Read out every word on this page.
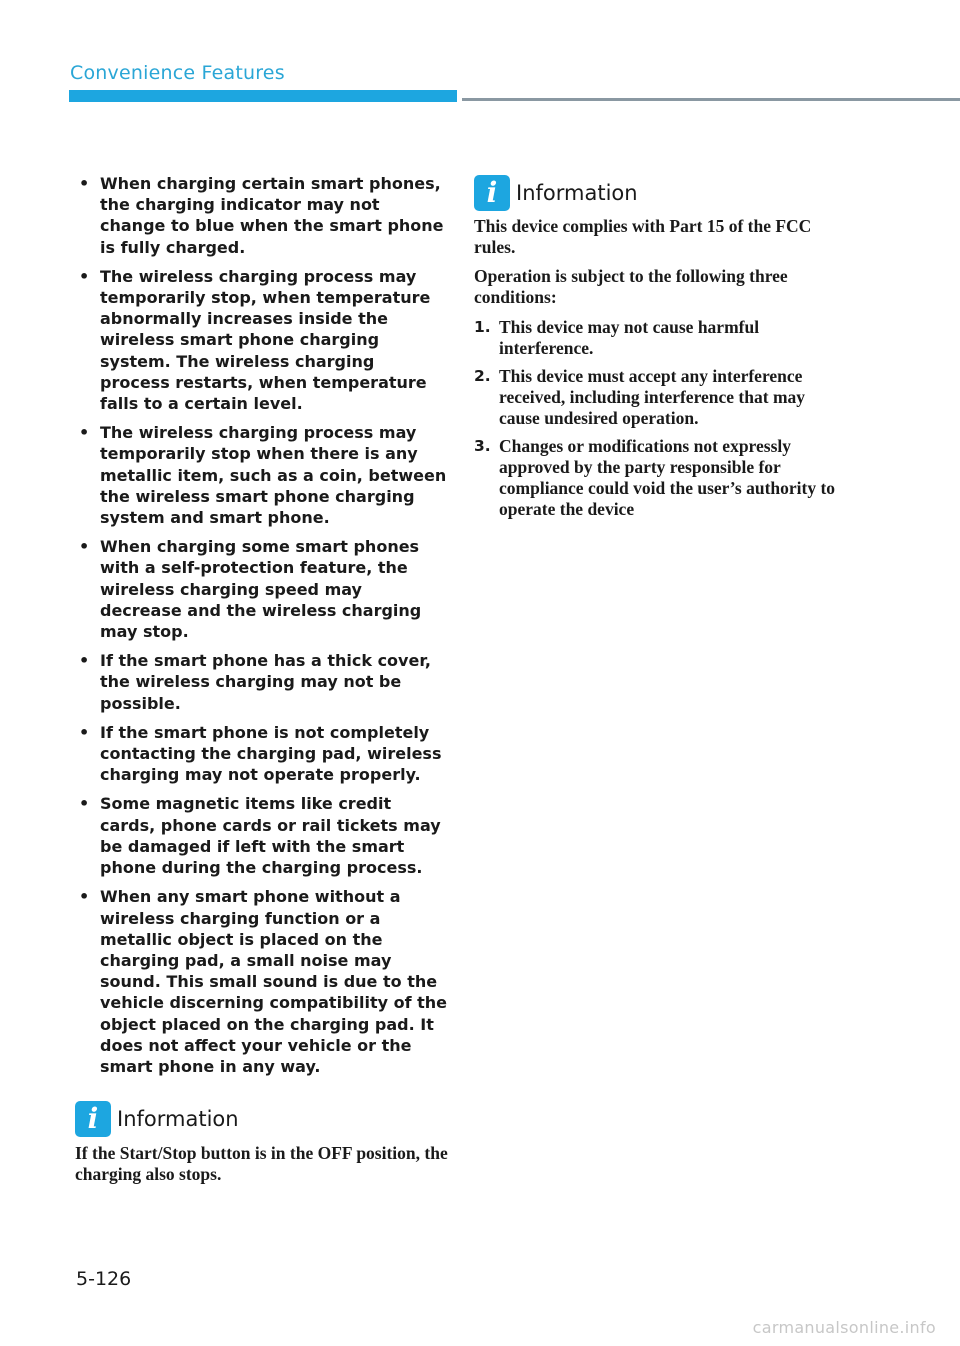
Convenience Features
• When charging certain smart phones, the charging indicator may not change to blue when the smart phone is fully charged.
• The wireless charging process may temporarily stop, when temperature abnormally increases inside the wireless smart phone charging system. The wireless charging process restarts, when temperature falls to a certain level.
• The wireless charging process may temporarily stop when there is any metallic item, such as a coin, between the wireless smart phone charging system and smart phone.
• When charging some smart phones with a self-protection feature, the wireless charging speed may decrease and the wireless charging may stop.
• If the smart phone has a thick cover, the wireless charging may not be possible.
• If the smart phone is not completely contacting the charging pad, wireless charging may not operate properly.
• Some magnetic items like credit cards, phone cards or rail tickets may be damaged if left with the smart phone during the charging process.
• When any smart phone without a wireless charging function or a metallic object is placed on the charging pad, a small noise may sound. This small sound is due to the vehicle discerning compatibility of the object placed on the charging pad. It does not affect your vehicle or the smart phone in any way.
i Information

If the Start/Stop button is in the OFF position, the charging also stops.

i Information

This device complies with Part 15 of the FCC rules.

Operation is subject to the following three conditions:

1. This device may not cause harmful interference.
2. This device must accept any interference received, including interference that may cause undesired operation.
3. Changes or modifications not expressly approved by the party responsible for compliance could void the user’s authority to operate the device
5-126
carmanualsonline.info
